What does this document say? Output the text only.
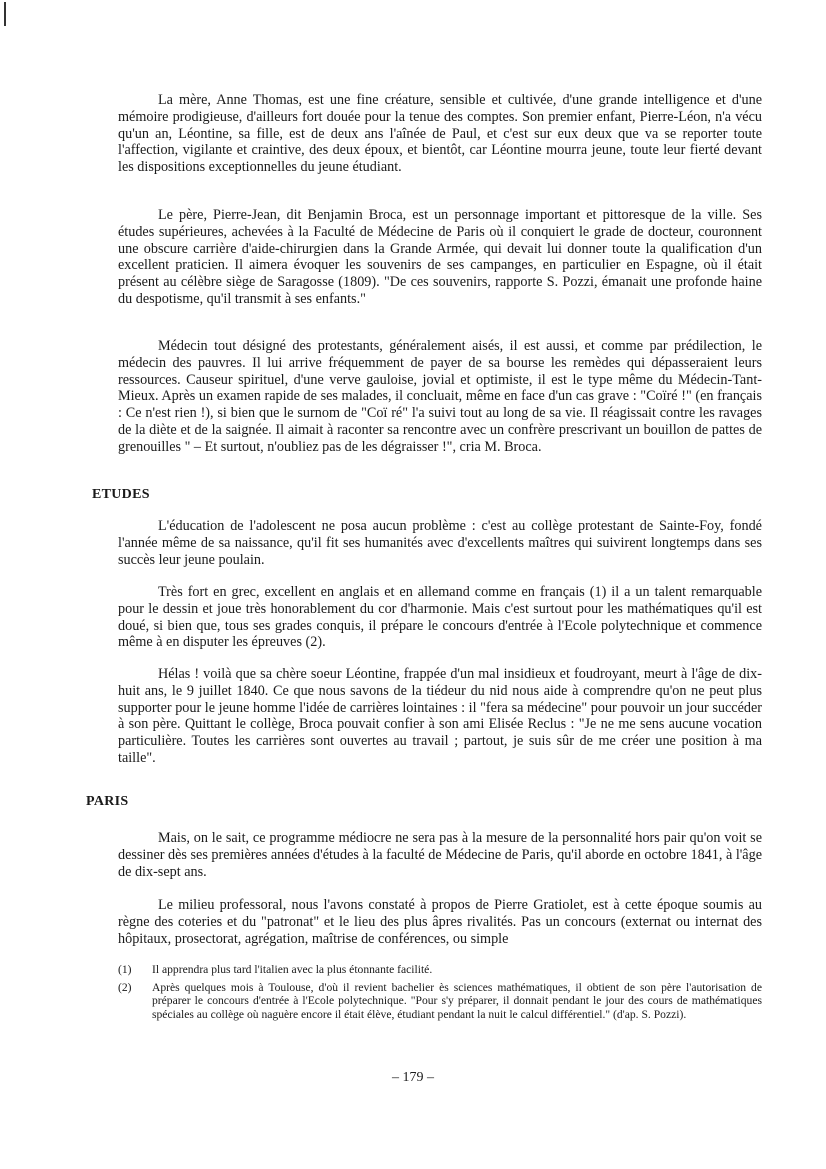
La mère, Anne Thomas, est une fine créature, sensible et cultivée, d'une grande intelligence et d'une mémoire prodigieuse, d'ailleurs fort douée pour la tenue des comptes. Son premier enfant, Pierre-Léon, n'a vécu qu'un an, Léontine, sa fille, est de deux ans l'aînée de Paul, et c'est sur eux deux que va se reporter toute l'affection, vigilante et craintive, des deux époux, et bientôt, car Léontine mourra jeune, toute leur fierté devant les dispositions exceptionnelles du jeune étudiant.

Le père, Pierre-Jean, dit Benjamin Broca, est un personnage important et pittoresque de la ville. Ses études supérieures, achevées à la Faculté de Médecine de Paris où il conquiert le grade de docteur, couronnent une obscure carrière d'aide-chirurgien dans la Grande Armée, qui devait lui donner toute la qualification d'un excellent praticien. Il aimera évoquer les souvenirs de ses campanges, en particulier en Espagne, où il était présent au célèbre siège de Saragosse (1809). "De ces souvenirs, rapporte S. Pozzi, émanait une profonde haine du despotisme, qu'il transmit à ses enfants."

Médecin tout désigné des protestants, généralement aisés, il est aussi, et comme par prédilection, le médecin des pauvres. Il lui arrive fréquemment de payer de sa bourse les remèdes qui dépasseraient leurs ressources. Causeur spirituel, d'une verve gauloise, jovial et optimiste, il est le type même du Médecin-Tant-Mieux. Après un examen rapide de ses malades, il concluait, même en face d'un cas grave : "Coïré !" (en français : Ce n'est rien !), si bien que le surnom de "Coï ré" l'a suivi tout au long de sa vie. Il réagissait contre les ravages de la diète et de la saignée. Il aimait à raconter sa rencontre avec un confrère prescrivant un bouillon de pattes de grenouilles " – Et surtout, n'oubliez pas de les dégraisser !", cria M. Broca.

ETUDES

L'éducation de l'adolescent ne posa aucun problème : c'est au collège protestant de Sainte-Foy, fondé l'année même de sa naissance, qu'il fit ses humanités avec d'excellents maîtres qui suivirent longtemps dans ses succès leur jeune poulain.

Très fort en grec, excellent en anglais et en allemand comme en français (1) il a un talent remarquable pour le dessin et joue très honorablement du cor d'harmonie. Mais c'est surtout pour les mathématiques qu'il est doué, si bien que, tous ses grades conquis, il prépare le concours d'entrée à l'Ecole polytechnique et commence même à en disputer les épreuves (2).

Hélas ! voilà que sa chère soeur Léontine, frappée d'un mal insidieux et foudroyant, meurt à l'âge de dix-huit ans, le 9 juillet 1840. Ce que nous savons de la tiédeur du nid nous aide à comprendre qu'on ne peut plus supporter pour le jeune homme l'idée de carrières lointaines : il "fera sa médecine" pour pouvoir un jour succéder à son père. Quittant le collège, Broca pouvait confier à son ami Elisée Reclus : "Je ne me sens aucune vocation particulière. Toutes les carrières sont ouvertes au travail ; partout, je suis sûr de me créer une position à ma taille".

PARIS

Mais, on le sait, ce programme médiocre ne sera pas à la mesure de la personnalité hors pair qu'on voit se dessiner dès ses premières années d'études à la faculté de Médecine de Paris, qu'il aborde en octobre 1841, à l'âge de dix-sept ans.

Le milieu professoral, nous l'avons constaté à propos de Pierre Gratiolet, est à cette époque soumis au règne des coteries et du "patronat" et le lieu des plus âpres rivalités. Pas un concours (externat ou internat des hôpitaux, prosectorat, agrégation, maîtrise de conférences, ou simple

(1) Il apprendra plus tard l'italien avec la plus étonnante facilité.
(2) Après quelques mois à Toulouse, d'où il revient bachelier ès sciences mathématiques, il obtient de son père l'autorisation de préparer le concours d'entrée à l'Ecole polytechnique. "Pour s'y préparer, il donnait pendant le jour des cours de mathématiques spéciales au collège où naguère encore il était élève, étudiant pendant la nuit le calcul différentiel." (d'ap. S. Pozzi).

– 179 –
